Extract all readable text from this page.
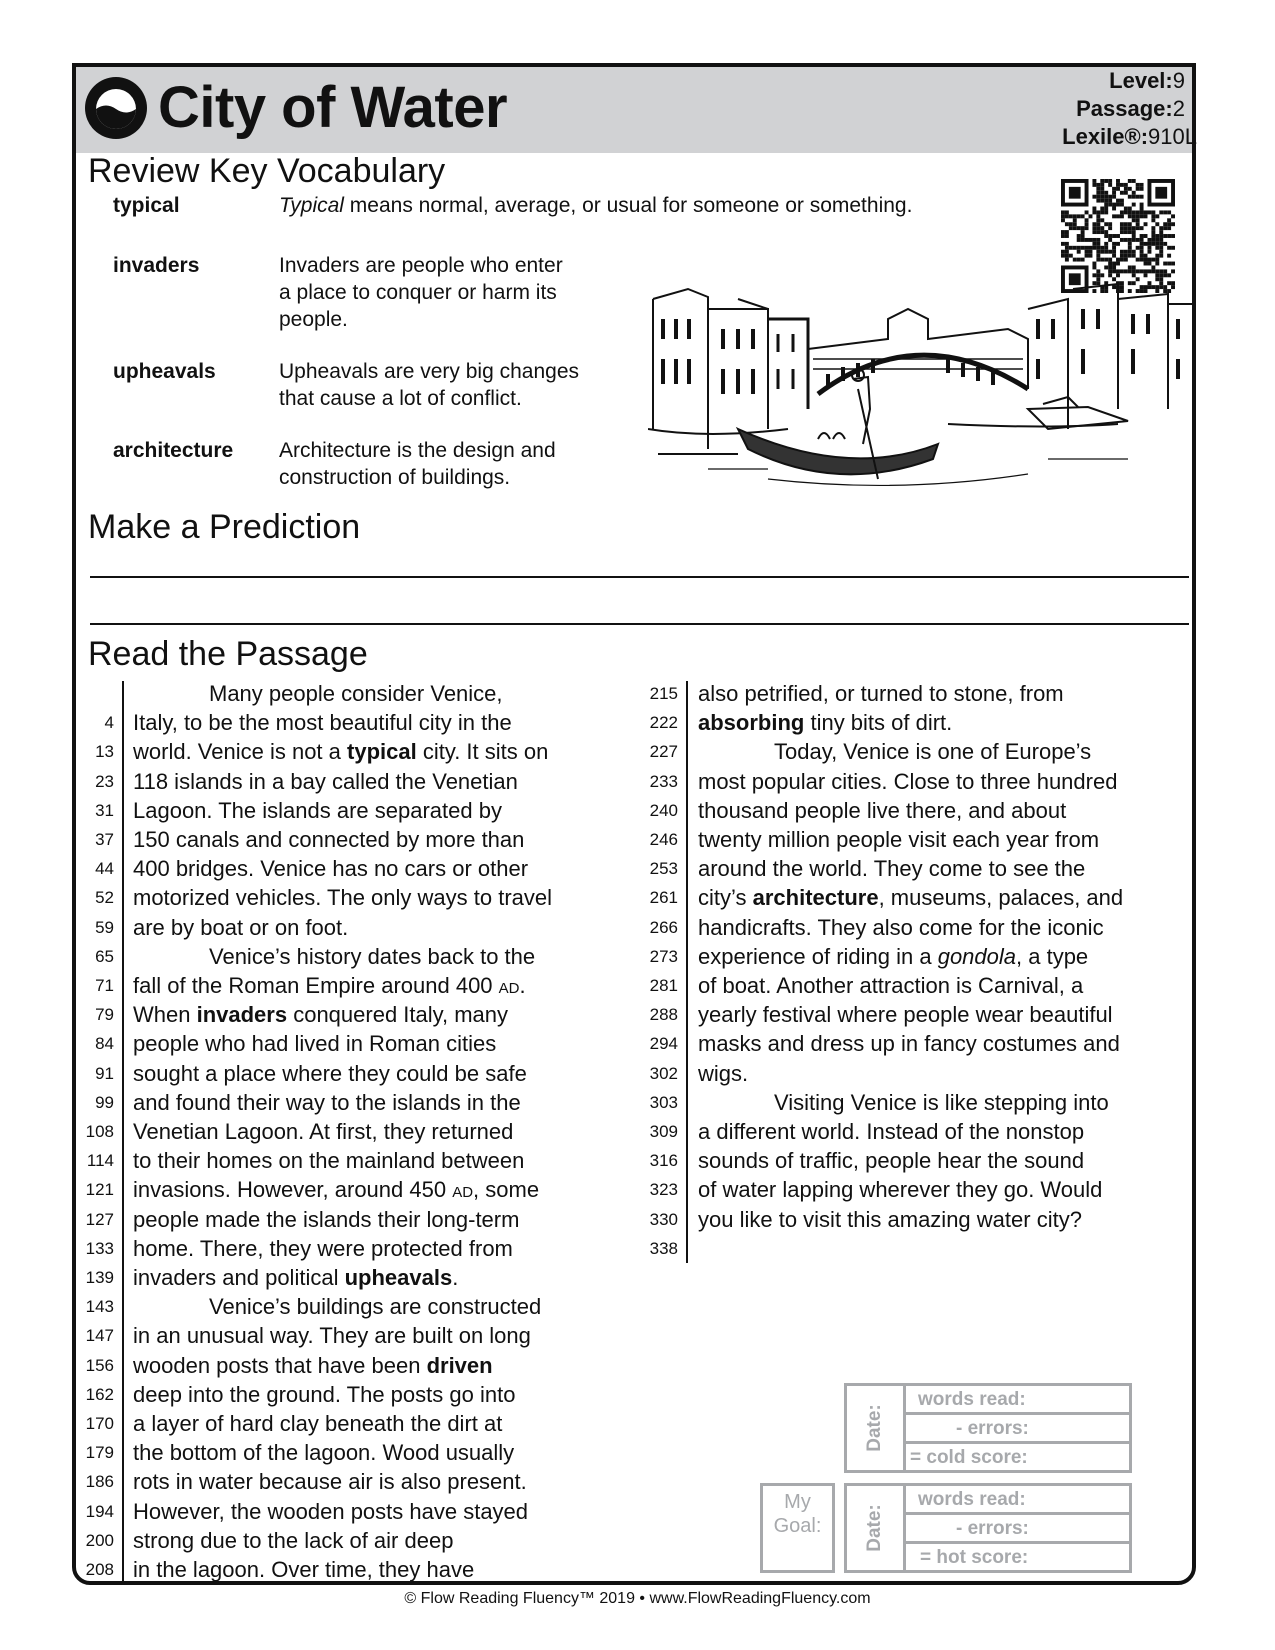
City of Water	Level:9
Passage:2
Lexile®:910L
Review Key Vocabulary
typical	Typical means normal, average, or usual for someone or something.
invaders	Invaders are people who enter
a place to conquer or harm its
people.
upheavals	Upheavals are very big changes
that cause a lot of conflict.
architecture Architecture is the design and
construction of buildings.
Make a Prediction
Read the Passage
Many people consider Venice,
4 Italy, to be the most beautiful city in the
13 world. Venice is not a typical city. It sits on
23 118 islands in a bay called the Venetian
31 Lagoon. The islands are separated by
37 150 canals and connected by more than
44 400 bridges. Venice has no cars or other
52 motorized vehicles. The only ways to travel
59 are by boat or on foot.
65	Venice’s history dates back to the
71 fall of the Roman Empire around 400 AD.
79 When invaders conquered Italy, many
84 people who had lived in Roman cities
91 sought a place where they could be safe
99 and found their way to the islands in the
108 Venetian Lagoon. At first, they returned
114 to their homes on the mainland between
121 invasions. However, around 450 AD, some
127 people made the islands their long-term
133 home. There, they were protected from
139 invaders and political upheavals.
143	Venice’s buildings are constructed
147 in an unusual way. They are built on long
156 wooden posts that have been driven
162 deep into the ground. The posts go into
170 a layer of hard clay beneath the dirt at
179 the bottom of the lagoon. Wood usually
186 rots in water because air is also present.
194 However, the wooden posts have stayed
200 strong due to the lack of air deep
208 in the lagoon. Over time, they have
215 also petrified, or turned to stone, from
222 absorbing tiny bits of dirt.
227	Today, Venice is one of Europe’s
233 most popular cities. Close to three hundred
240 thousand people live there, and about
246 twenty million people visit each year from
253 around the world. They come to see the
261 city’s architecture, museums, palaces, and
266 handicrafts. They also come for the iconic
273 experience of riding in a gondola, a type
281 of boat. Another attraction is Carnival, a
288 yearly festival where people wear beautiful
294 masks and dress up in fancy costumes and
302 wigs.
303	Visiting Venice is like stepping into
309 a different world. Instead of the nonstop
316 sounds of traffic, people hear the sound
323 of water lapping wherever they go. Would
330 you like to visit this amazing water city?
338
Date:
words read:
- errors:
= cold score:
My
Goal:	Date:
words read:
- errors:
= hot score:
© Flow Reading Fluency™ 2019 • www.FlowReadingFluency.com
